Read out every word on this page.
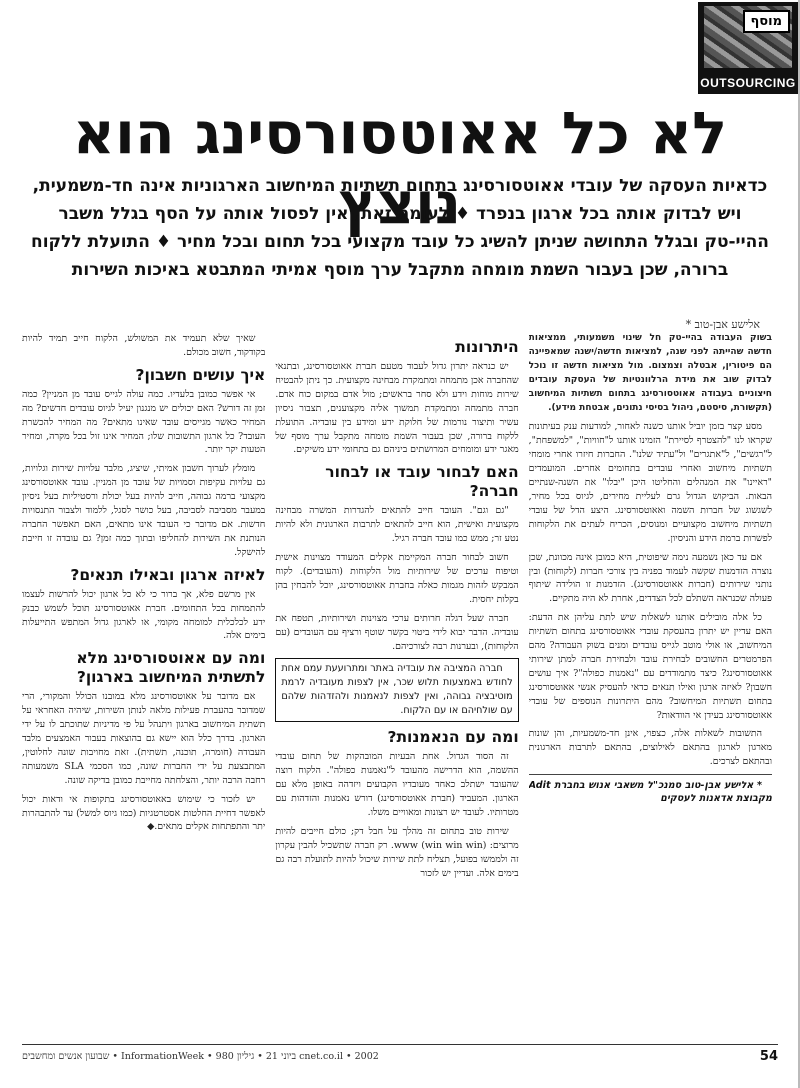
מוסף
OUTSOURCING
לא כל אאוטסורסינג הוא נוצץ

כדאיות העסקה של עובדי אאוטסורסינג בתחום תשתיות המיחשוב הארגוניות אינה חד-משמעית, ויש לבדוק אותה בכל ארגון בנפרד ♦ לעומת זאת, אין לפסול אותה על הסף בגלל משבר ההיי-טק ובגלל התחושה שניתן להשיג כל עובד מקצועי בכל תחום ובכל מחיר ♦ התועלת ללקוח ברורה, שכן בעבור השמת מומחה מתקבל ערך מוסף אמיתי המתבטא באיכות השירות

אלישע אבן-טוב *

בשוק העבודה בהיי-טק חל שינוי משמעותי, ממציאות חדשה שהייתה לפני שנה, למציאות חדשה/ישנה שמאפיינה הם פיטורין, אבטלה וצמצום. מול מציאות חדשה זו נוכל לבדוק שוב את מידת הרלוונטיות של העסקת עובדים חיצוניים בעבודה אאוטסורסינג בתחום תשתיות המיחשוב (תקשורת, סיסטם, ניהול בסיסי נתונים, אבטחת מידע).

מסע קצר בזמן יוביל אותנו כשנה לאחור, למודעות ענק בעיתונות שקראו לנו "להצטרף לסיירת" הזמינו אותנו ל"חוויות", "למשפחת", ל"רגשים", ל"אתגרים" ול"עתיד שלנו". החברות חיזרו אחרי מומחי תשתיות מיחשוב ואחרי עובדים בתחומים אחרים. המועמדים "ראיינו" את המנהלים והחליטו היכן "יבלו" את השנה-שנתיים הבאות. הביקוש הגדול גרם לעליית מחירים, לגיוס בכל מחיר, לשגשוג של חברות השמה ואאוטסורסינג. היצע הדל של עובדי תשתיות מיחשוב מקצועיים ומנוסים, הכריח לעתים את הלקוחות לפשרות ברמת הידע והניסיון.

אם עד כאן נשמעה נימה שיפוטית, היא כמובן אינה מכוונת, שכן נוצרה הזדמנות שקשה לעמוד בפניה בין צורכי חברות (לקוחות) ובין נותני שירותים (חברות אאוטסורסינג). הזדמנות זו הולידה שיתוף פעולה שכנראה השתלם לכל הצדדים, אחרת לא היה מתקיים.

כל אלה מובילים אותנו לשאלות שיש לתת עליהן את הדעת: האם עדיין יש יתרון בהעסקת עובדי אאוטסורסינג בתחום תשתיות המיחשוב, או אולי מוטב לגייס עובדים ומנים בשוק העבודה? מהם הפרמטרים החשובים לבחירת עובד ולבחירת חברה למתן שירותי אאוטסורסינג? כיצד מתמודדים עם "נאמנות כפולה"? איך עושים חשבון? לאיזה ארגון ואילו תנאים כדאי להעסיק אנשי אאוטסורסינג בתחום תשתיות המיחשוב? מהם היתרונות הנוספים של עובדי אאוטסורסינג בעידן אי הוודאות?

התשובות לשאלות אלה, כצפוי, אינן חד-משמעיות, והן שונות מארגון לארגון בהתאם לאילוצים, בהתאם לתרבות הארגונית ובהתאם לצרכים.

* אלישע אבן-טוב סמנכ"ל משאבי אנוש בחברת Adit מקבוצת אדאנות לעסקים

היתרונות

יש כנראה יתרון גדול לעבוד מטעם חברת אאוטסורסינג, ובתנאי שהחברה אכן מתמחה ומתמקדת מבחינה מקצועית. כך ניתן להבטיח שירות מוחות וידע ולא סחר בראשים; מול אדם במקום כוח אדם. חברה מתמחה ומתמקדת תמשוך אליה מקצוענים, תצבור ניסיון עשיר ותיצור נורמות של חלוקת ידע ומידע בין עובדיה. התועלת ללקוח ברורה, שכן בעבור השמת מומחה מתקבל ערך מוסף של מאגר ידע ומומחים המרושתים ביניהם גם בתחומי ידע משיקים.

האם לבחור עובד או לבחור חברה?

"גם וגם". העובד חייב להתאים להגדרות המשרה מבחינה מקצועית ואישית, הוא חייב להתאים לתרבות הארגונית ולא להיות נטע זר; ממש כמו עובד חברה רגיל.

חשוב לבחור חברה המקיימת אקלים המעודד מצוינות אישית וטיפוח ערכים של שירותיות מול הלקוחות (והעובדים). לקוח המבקש לזהות מגמות כאלה בחברת אאוטסורסינג, יוכל להבחין בהן בקלות יחסית.

חברה שעל דגלה חרותים ערכי מצוינות ושירותיות, תטפח את עובדיה. הדבר יבוא לידי ביטוי בקשר שוטף ורציף עם העובדים (עם הלקוחות), ובערנות רבה לצורכיהם.

חברה המציבה את עובדיה באתר ומתרועעת עמם אחת לחודש באמצעות תלוש שכר, אין לצפות מעובדיה לרמת מוטיבציה גבוהה, ואין לצפות לנאמנות ולהזדהות שלהם עם שולחיהם או עם הלקוח.

ומה עם הנאמנות?

זה הסוד הגדול. אחת הבעיות המובהקות של תחום עובדי ההשמה, הוא הדרישה מהעובד ל"נאמנות כפולה". הלקוח רוצה שהעובד ישתלב כאחד מעובדיו הקבועים ויזדהה באופן מלא עם הארגון. המעביד (חברת אאוטסורסינג) דורש נאמנות והזדהות עם מטרותיו. לעובד יש רצונות ומאוויים משלו.

שירות טוב בתחום זה מהלך על חבל דק; כולם חייבים להיות מרוצים: www (win win win). רק חברה שתשכיל להבין עקרון זה ולממשו בפועל, תצליח לתת שירות שיכול להיות לתועלת רבה גם בימים אלה. ועדיין יש לזכור

שאיך שלא תעמיד את המשולש, הלקוח חייב תמיד להיות בקודקוד, חשוב מכולם.

איך עושים חשבון?

אי אפשר כמובן בלעדיו. כמה עולה לגייס עובד מן המניין? כמה זמן זה דורש? האם יכולים יש מנגנון יעיל לגיוס עובדים חדשים? מה המחיר כאשר מגייסים עובד שאינו מתאים? מה המחיר להכשרת העובד? כל ארגון התשובות שלו; המחיר אינו זול בכל מקרה, ומחיר הטעות יקר יותר.

מומלץ לערוך חשבון אמיתי, שיציג, מלבד עלויות שירות וגלויות, גם עלויות עקיפות וסמויות של עובד מן המניין. עובד אאוטסורסינג מקצועי ברמה גבוהה, חייב להיות בעל יכולת ורסטיליות בעל ניסיון במעבר מסביבה לסביבה, בעל כושר לסגל, ללמוד ולצבור התנסויות חדשות. אם מדובר כי העובד אינו מתאים, האם תאפשר החברה הנותנת את השירות להחליפו ובתוך כמה זמן? גם עובדה זו חייבת להישקל.

לאיזה ארגון ובאילו תנאים?

אין מרשם פלא, אך ברור כי לא כל ארגון יכול להרשות לעצמו להתמחות בכל התחומים. חברת אאוטסורסינג תוכל לשמש כבנק ידע לכלכלית למומחה מקומי, או לארגון גדול המתפש התייעלות בימים אלה.

ומה עם אאוטסורסינג מלא לתשתית המיחשוב בארגון?

אם מדובר על אאוטסורסינג מלא במובנו הכולל והמקורי, הרי שמדובר בהעברת פעילות מלאה לנותן השירות, שיהיה האחראי על תשתית המיחשוב בארגון ויתנהל על פי מדיניות שתוכתב לו על ידי הארגון. בדרך כלל הוא יישא גם בהוצאות בעבור האמצעים מלבד העבודה (חומרה, תוכנה, תשתית). זאת מחויבות שונה לחלוטין, המתבצעת על ידי החברות שונה, כמו הסכמי SLA משמעותה רחבה הרבה יותר, והצלחתה מחייבת כמובן בדיקה שונה.

יש לזכור כי שימוש באאוטסורסינג בתקופות אי ודאות יכול לאפשר דחיית החלטות אסטרטגיות (כמו גיוס למשל) עד להתבהרות יתר והתפתחות אקלים מתאים.◆

cnet.co.il • 2002 ביוני 21 • גיליון 980 • InformationWeek • שבועון אנשים ומחשבים	54
